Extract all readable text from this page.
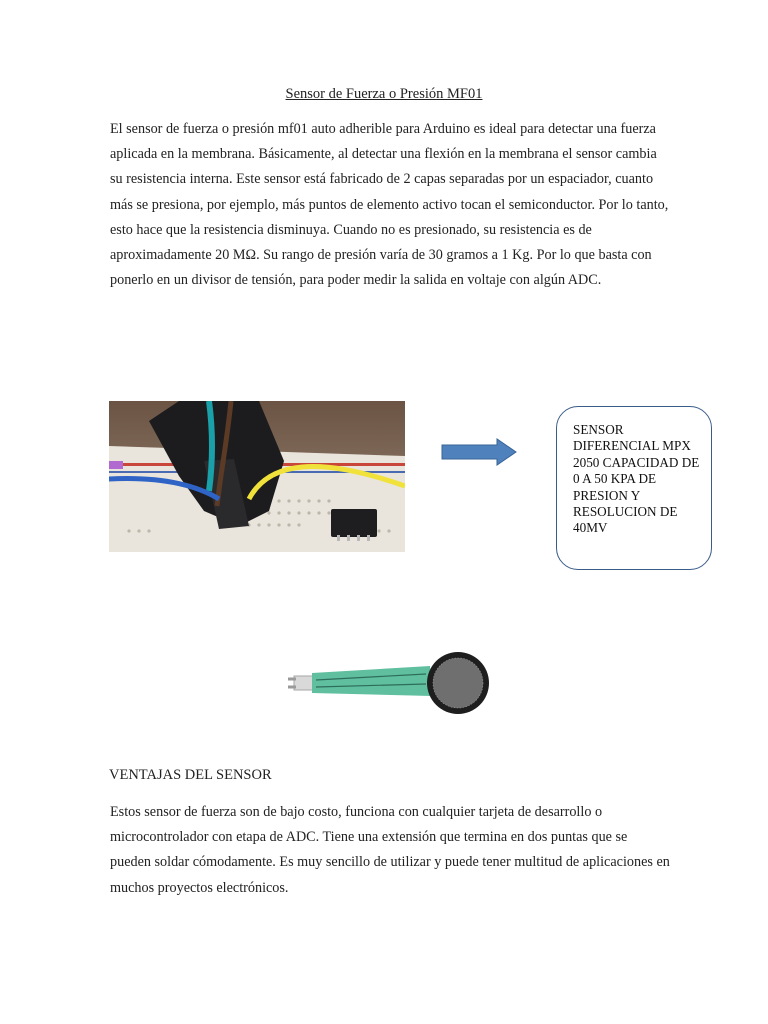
Sensor de Fuerza o Presión MF01

El sensor de fuerza o presión mf01 auto adherible para Arduino es ideal para detectar una fuerza aplicada en la membrana. Básicamente, al detectar una flexión en la membrana el sensor cambia su resistencia interna. Este sensor está fabricado de 2 capas separadas por un espaciador, cuanto más se presiona, por ejemplo, más puntos de elemento activo tocan el semiconductor. Por lo tanto, esto hace que la resistencia disminuya. Cuando no es presionado, su resistencia es de aproximadamente 20 MΩ. Su rango de presión varía de 30 gramos a 1 Kg. Por lo que basta con ponerlo en un divisor de tensión, para poder medir la salida en voltaje con algún ADC.

SENSOR DIFERENCIAL MPX 2050 CAPACIDAD DE 0 A 50 KPA DE PRESION Y RESOLUCION DE 40MV
VENTAJAS DEL SENSOR

Estos sensor de fuerza son de bajo costo, funciona con cualquier tarjeta de desarrollo o microcontrolador con etapa de ADC. Tiene una extensión que termina en dos puntas que se pueden soldar cómodamente. Es muy sencillo de utilizar y puede tener multitud de aplicaciones en muchos proyectos electrónicos.
